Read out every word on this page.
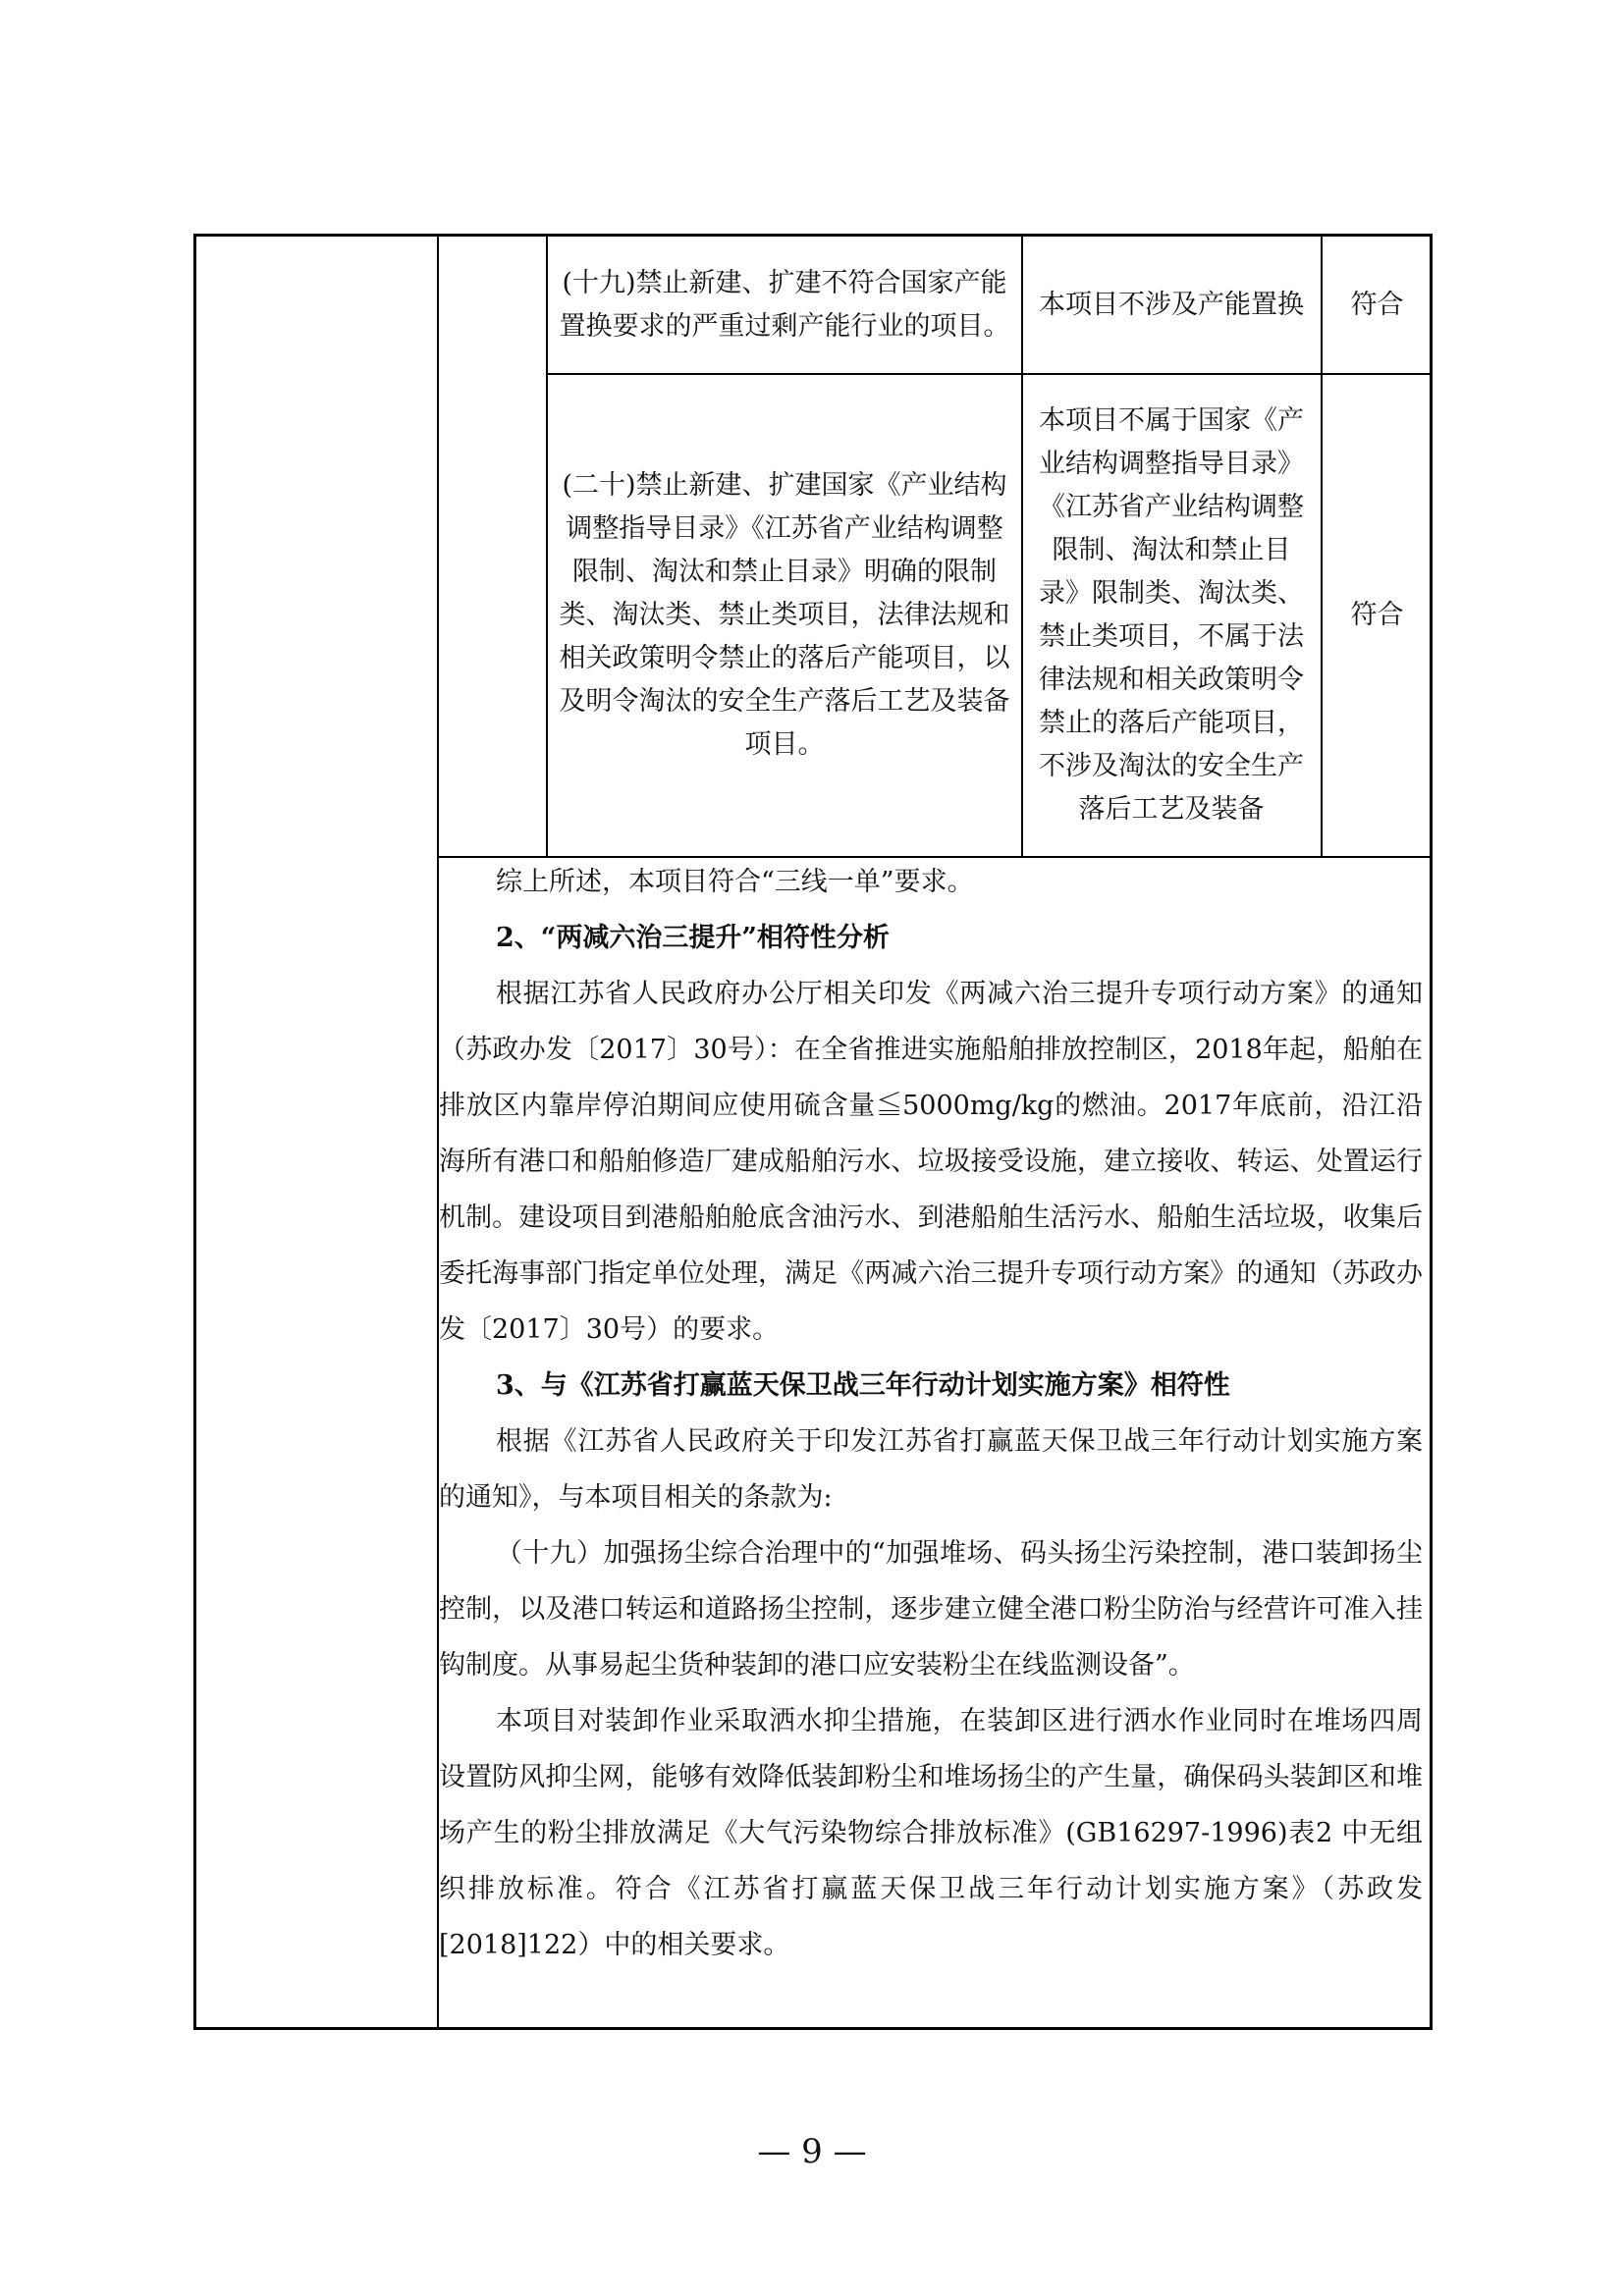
(十九)禁止新建、扩建不符合国家产能置换要求的严重过剩产能行业的项目。
本项目不涉及产能置换 符合
(二十)禁止新建、扩建国家《产业结构调整指导目录》《江苏省产业结构调整限制、淘汰和禁止目录》明确的限制类、淘汰类、禁止类项目，法律法规和相关政策明令禁止的落后产能项目，以及明令淘汰的安全生产落后工艺及装备项目。
本项目不属于国家《产业结构调整指导目录》《江苏省产业结构调整限制、淘汰和禁止目录》限制类、淘汰类、禁止类项目，不属于法律法规和相关政策明令禁止的落后产能项目，不涉及淘汰的安全生产落后工艺及装备
符合

综上所述，本项目符合“三线一单”要求。

2、“两减六治三提升”相符性分析

根据江苏省人民政府办公厅相关印发《两减六治三提升专项行动方案》的通知（苏政办发〔2017〕30号）：在全省推进实施船舶排放控制区，2018年起，船舶在排放区内靠岸停泊期间应使用硫含量≦5000mg/kg的燃油。2017年底前，沿江沿海所有港口和船舶修造厂建成船舶污水、垃圾接受设施，建立接收、转运、处置运行机制。建设项目到港船舶舱底含油污水、到港船舶生活污水、船舶生活垃圾，收集后委托海事部门指定单位处理，满足《两减六治三提升专项行动方案》的通知（苏政办发〔2017〕30号）的要求。

3、与《江苏省打赢蓝天保卫战三年行动计划实施方案》相符性

根据《江苏省人民政府关于印发江苏省打赢蓝天保卫战三年行动计划实施方案的通知》，与本项目相关的条款为:

（十九）加强扬尘综合治理中的“加强堆场、码头扬尘污染控制，港口装卸扬尘控制，以及港口转运和道路扬尘控制，逐步建立健全港口粉尘防治与经营许可准入挂钩制度。从事易起尘货种装卸的港口应安装粉尘在线监测设备”。

本项目对装卸作业采取洒水抑尘措施，在装卸区进行洒水作业同时在堆场四周设置防风抑尘网，能够有效降低装卸粉尘和堆场扬尘的产生量，确保码头装卸区和堆场产生的粉尘排放满足《大气污染物综合排放标准》(GB16297-1996)表2 中无组织排放标准。符合《江苏省打赢蓝天保卫战三年行动计划实施方案》（苏政发[2018]122）中的相关要求。

— 9 —
